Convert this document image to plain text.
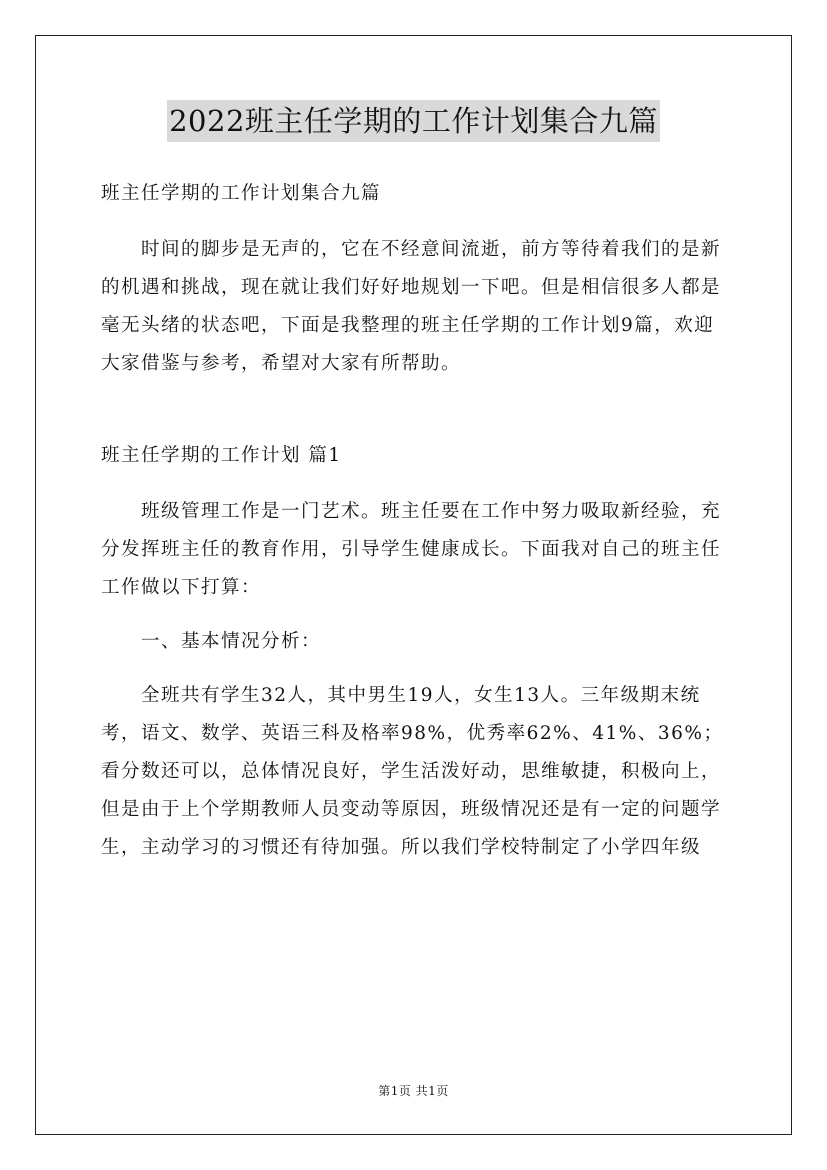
2022班主任学期的工作计划集合九篇

班主任学期的工作计划集合九篇

时间的脚步是无声的，它在不经意间流逝，前方等待着我们的是新的机遇和挑战，现在就让我们好好地规划一下吧。但是相信很多人都是毫无头绪的状态吧，下面是我整理的班主任学期的工作计划9篇，欢迎大家借鉴与参考，希望对大家有所帮助。

班主任学期的工作计划 篇1

班级管理工作是一门艺术。班主任要在工作中努力吸取新经验，充分发挥班主任的教育作用，引导学生健康成长。下面我对自己的班主任工作做以下打算：

一、基本情况分析：

全班共有学生32人，其中男生19人，女生13人。三年级期末统考，语文、数学、英语三科及格率98%，优秀率62%、41%、36%；看分数还可以，总体情况良好，学生活泼好动，思维敏捷，积极向上，但是由于上个学期教师人员变动等原因，班级情况还是有一定的问题学生，主动学习的习惯还有待加强。所以我们学校特制定了小学四年级

第1页 共1页
